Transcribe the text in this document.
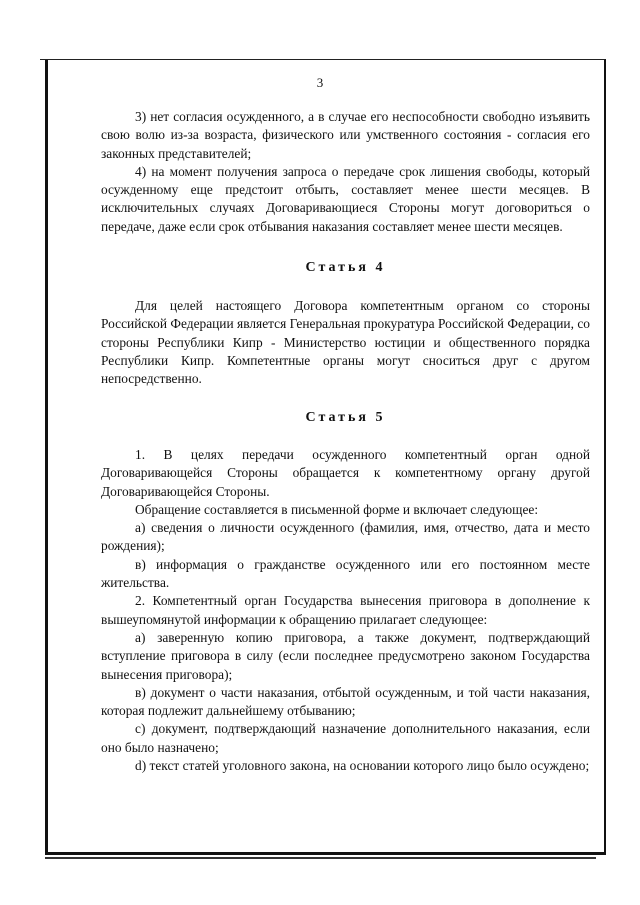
3

3) нет согласия осужденного, а в случае его неспособности свободно изъявить свою волю из-за возраста, физического или умственного состояния - согласия его законных представителей;

4) на момент получения запроса о передаче срок лишения свободы, который осужденному еще предстоит отбыть, составляет менее шести месяцев. В исключительных случаях Договаривающиеся Стороны могут договориться о передаче, даже если срок отбывания наказания составляет менее шести месяцев.

Статья 4

Для целей настоящего Договора компетентным органом со стороны Российской Федерации является Генеральная прокуратура Российской Федерации, со стороны Республики Кипр - Министерство юстиции и общественного порядка Республики Кипр. Компетентные органы могут сноситься друг с другом непосредственно.

Статья 5

1. В целях передачи осужденного компетентный орган одной Договаривающейся Стороны обращается к компетентному органу другой Договаривающейся Стороны.

Обращение составляется в письменной форме и включает следующее:

а) сведения о личности осужденного (фамилия, имя, отчество, дата и место рождения);

в) информация о гражданстве осужденного или его постоянном месте жительства.

2. Компетентный орган Государства вынесения приговора в дополнение к вышеупомянутой информации к обращению прилагает следующее:

а) заверенную копию приговора, а также документ, подтверждающий вступление приговора в силу (если последнее предусмотрено законом Государства вынесения приговора);

в) документ о части наказания, отбытой осужденным, и той части наказания, которая подлежит дальнейшему отбыванию;

с) документ, подтверждающий назначение дополнительного наказания, если оно было назначено;

d) текст статей уголовного закона, на основании которого лицо было осуждено;
